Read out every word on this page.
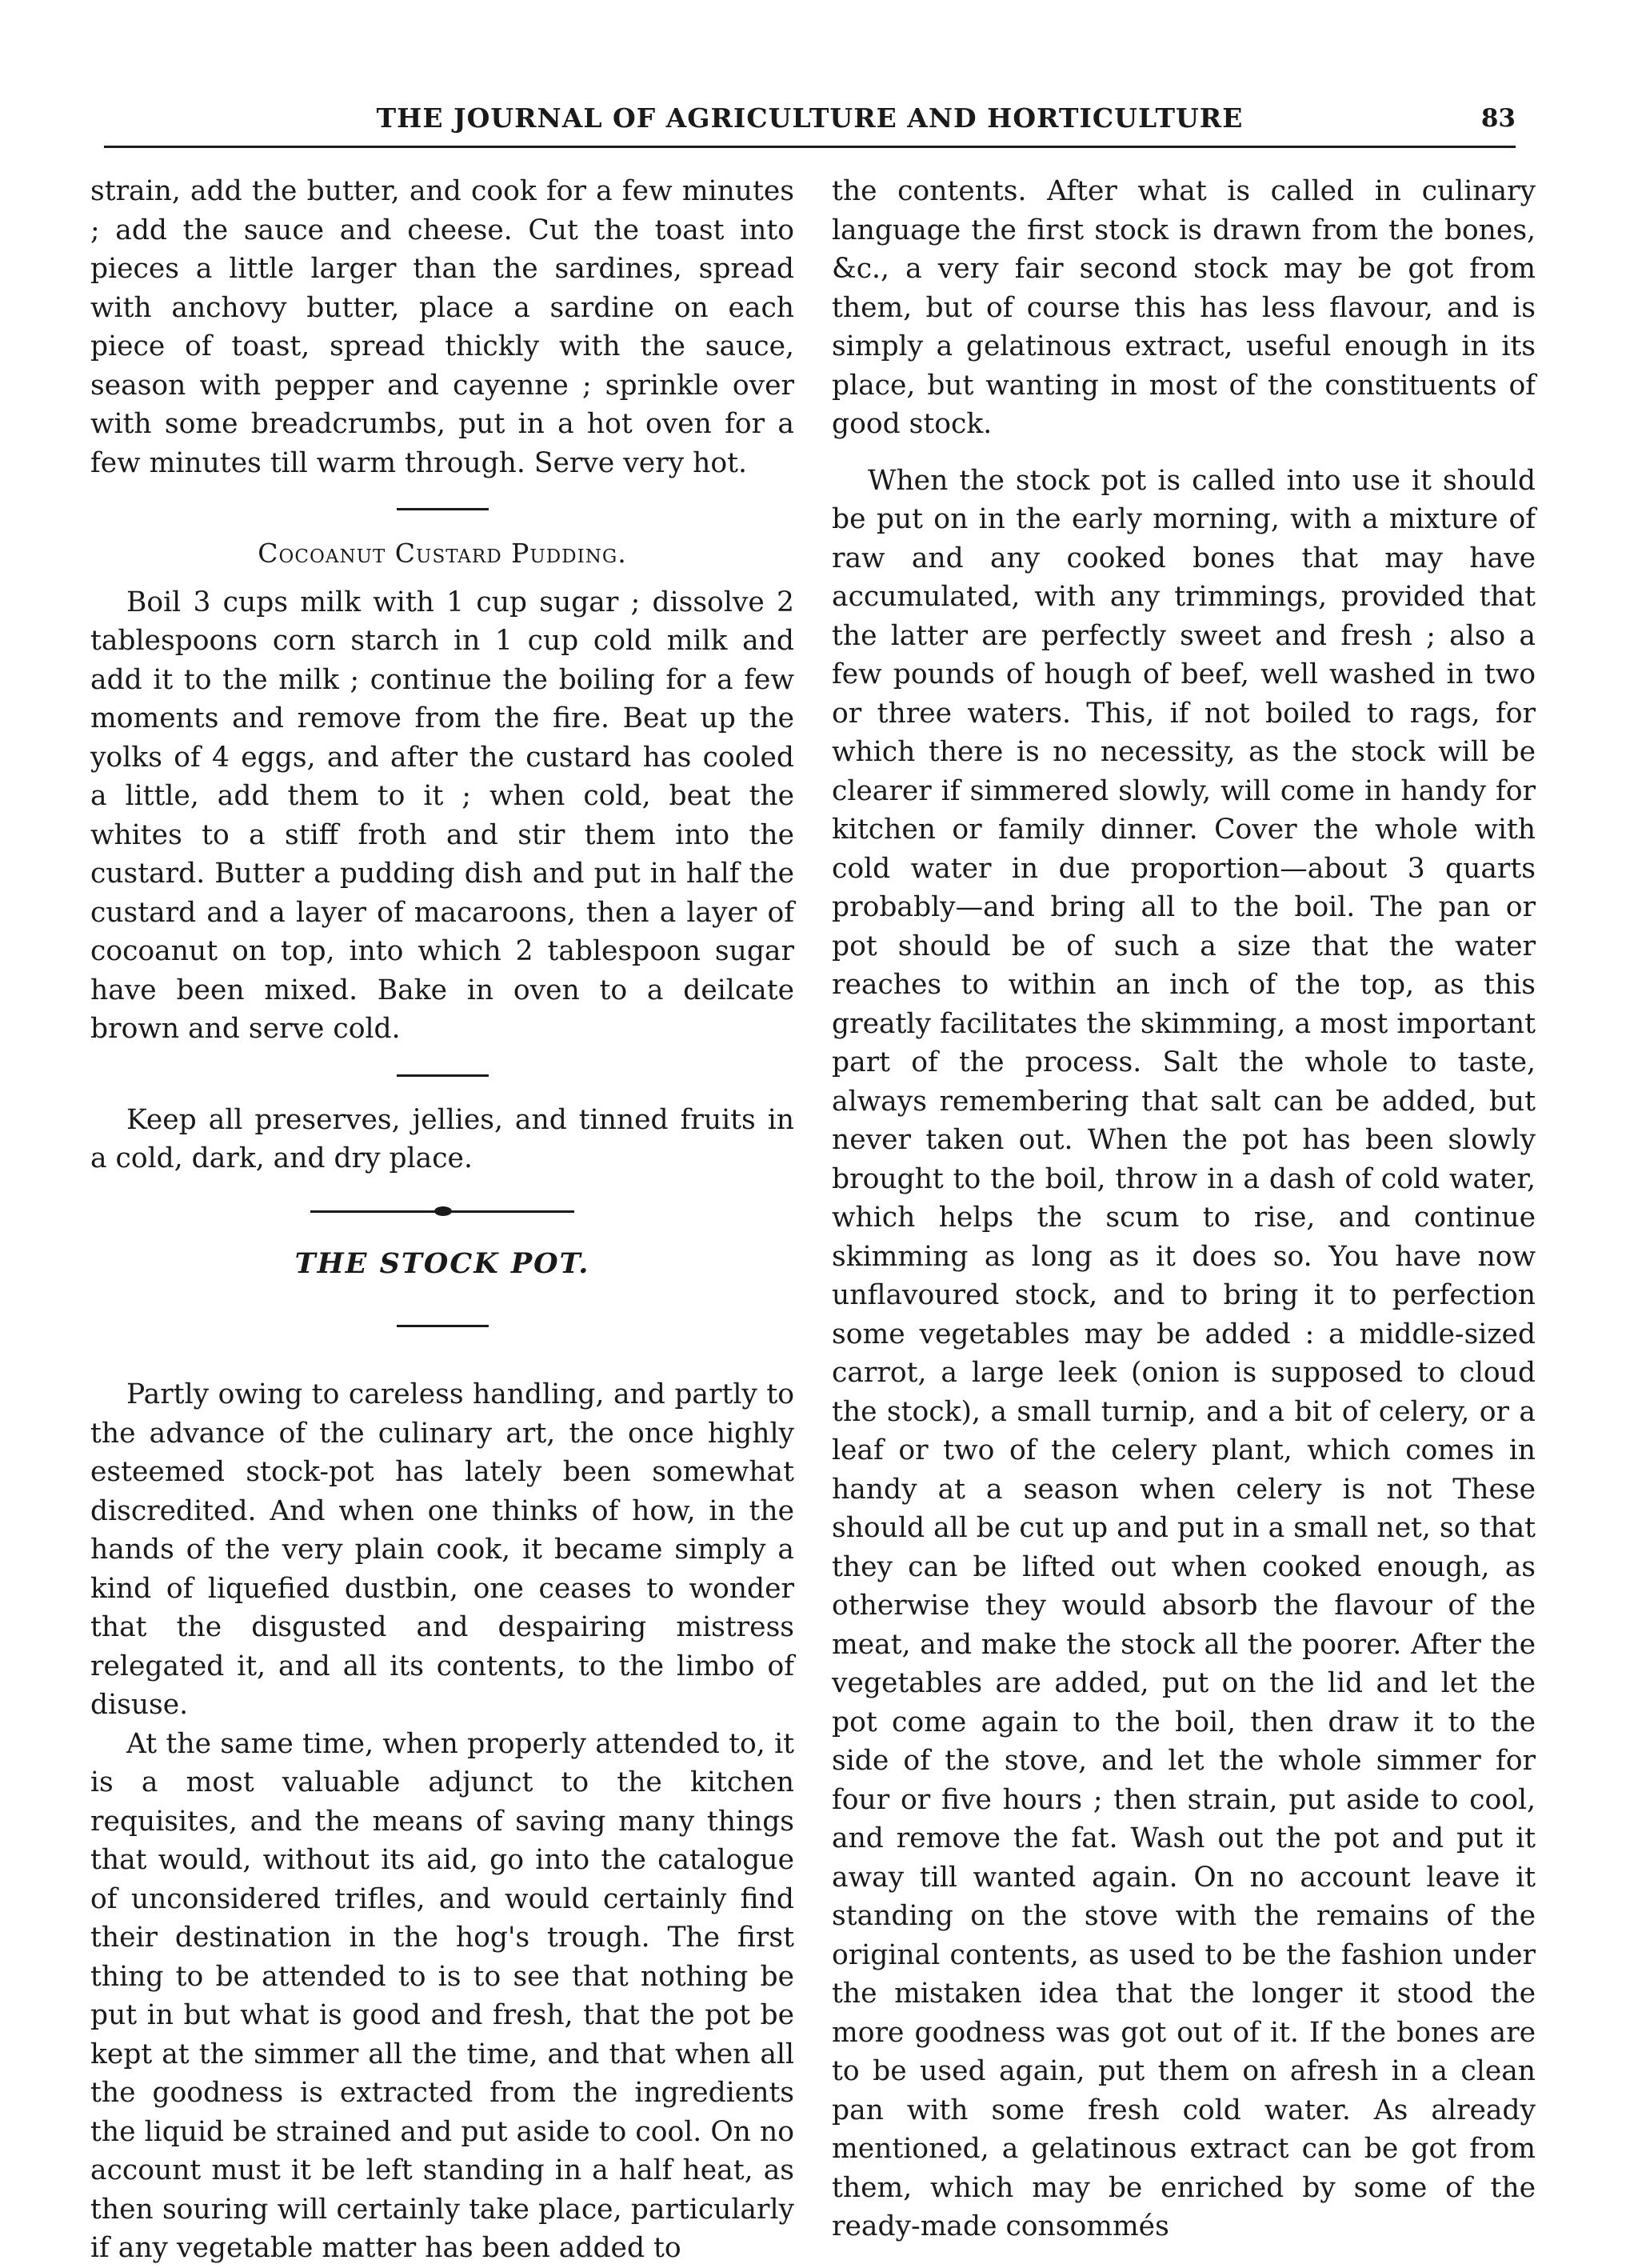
THE JOURNAL OF AGRICULTURE AND HORTICULTURE	83

strain, add the butter, and cook for a few minutes ; add the sauce and cheese. Cut the toast into pieces a little larger than the sardines, spread with anchovy butter, place a sardine on each piece of toast, spread thickly with the sauce, season with pepper and cayenne ; sprinkle over with some breadcrumbs, put in a hot oven for a few minutes till warm through. Serve very hot.

Cocoanut Custard Pudding.

Boil 3 cups milk with 1 cup sugar ; dissolve 2 tablespoons corn starch in 1 cup cold milk and add it to the milk ; continue the boiling for a few moments and remove from the fire. Beat up the yolks of 4 eggs, and after the custard has cooled a little, add them to it ; when cold, beat the whites to a stiff froth and stir them into the custard. Butter a pudding dish and put in half the custard and a layer of macaroons, then a layer of cocoanut on top, into which 2 tablespoon sugar have been mixed. Bake in oven to a deilcate brown and serve cold.

Keep all preserves, jellies, and tinned fruits in a cold, dark, and dry place.

THE STOCK POT.

Partly owing to careless handling, and partly to the advance of the culinary art, the once highly esteemed stock-pot has lately been somewhat discredited. And when one thinks of how, in the hands of the very plain cook, it became simply a kind of liquefied dustbin, one ceases to wonder that the disgusted and despairing mistress relegated it, and all its contents, to the limbo of disuse.

At the same time, when properly attended to, it is a most valuable adjunct to the kitchen requisites, and the means of saving many things that would, without its aid, go into the catalogue of unconsidered trifles, and would certainly find their destination in the hog's trough. The first thing to be attended to is to see that nothing be put in but what is good and fresh, that the pot be kept at the simmer all the time, and that when all the goodness is extracted from the ingredients the liquid be strained and put aside to cool. On no account must it be left standing in a half heat, as then souring will certainly take place, particularly if any vegetable matter has been added to

the contents. After what is called in culinary language the first stock is drawn from the bones, &c., a very fair second stock may be got from them, but of course this has less flavour, and is simply a gelatinous extract, useful enough in its place, but wanting in most of the constituents of good stock.

When the stock pot is called into use it should be put on in the early morning, with a mixture of raw and any cooked bones that may have accumulated, with any trimmings, provided that the latter are perfectly sweet and fresh ; also a few pounds of hough of beef, well washed in two or three waters. This, if not boiled to rags, for which there is no necessity, as the stock will be clearer if simmered slowly, will come in handy for kitchen or family dinner. Cover the whole with cold water in due proportion—about 3 quarts probably—and bring all to the boil. The pan or pot should be of such a size that the water reaches to within an inch of the top, as this greatly facilitates the skimming, a most important part of the process. Salt the whole to taste, always remembering that salt can be added, but never taken out. When the pot has been slowly brought to the boil, throw in a dash of cold water, which helps the scum to rise, and continue skimming as long as it does so. You have now unflavoured stock, and to bring it to perfection some vegetables may be added : a middle-sized carrot, a large leek (onion is supposed to cloud the stock), a small turnip, and a bit of celery, or a leaf or two of the celery plant, which comes in handy at a season when celery is not These should all be cut up and put in a small net, so that they can be lifted out when cooked enough, as otherwise they would absorb the flavour of the meat, and make the stock all the poorer. After the vegetables are added, put on the lid and let the pot come again to the boil, then draw it to the side of the stove, and let the whole simmer for four or five hours ; then strain, put aside to cool, and remove the fat. Wash out the pot and put it away till wanted again. On no account leave it standing on the stove with the remains of the original contents, as used to be the fashion under the mistaken idea that the longer it stood the more goodness was got out of it. If the bones are to be used again, put them on afresh in a clean pan with some fresh cold water. As already mentioned, a gelatinous extract can be got from them, which may be enriched by some of the ready-made consommés
